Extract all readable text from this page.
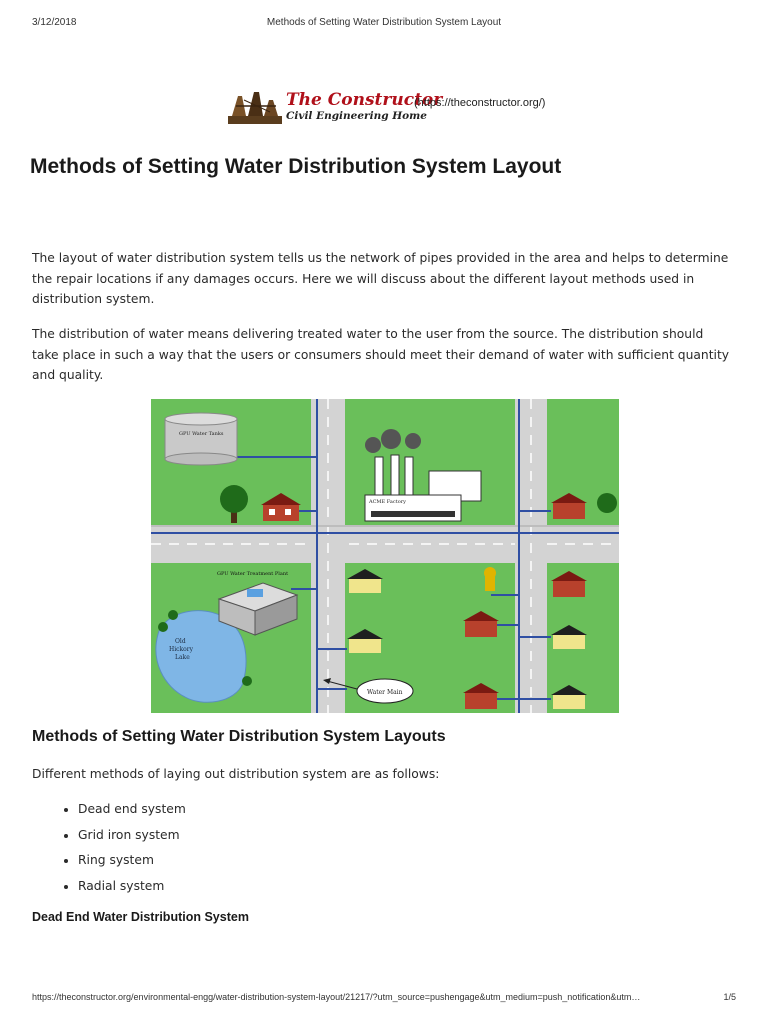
3/12/2018	Methods of Setting Water Distribution System Layout
The Constructor
Civil Engineering Home
(https://theconstructor.org/)
Methods of Setting Water Distribution System Layout

The layout of water distribution system tells us the network of pipes provided in the area and helps to determine the repair locations if any damages occurs. Here we will discuss about the different layout methods used in distribution system.

The distribution of water means delivering treated water to the user from the source. The distribution should take place in such a way that the users or consumers should meet their demand of water with sufficient quantity and quality.

Old
Hickory
Lake
GPU Water Tanks
ACME Factory
GPU Water Treatment Plant
Water Main
Methods of Setting Water Distribution System Layouts

Different methods of laying out distribution system are as follows:

• Dead end system
• Grid iron system
• Ring system
• Radial system
Dead End Water Distribution System
https://theconstructor.org/environmental-engg/water-distribution-system-layout/21217/?utm_source=pushengage&utm_medium=push_notification&utm…	1/5
